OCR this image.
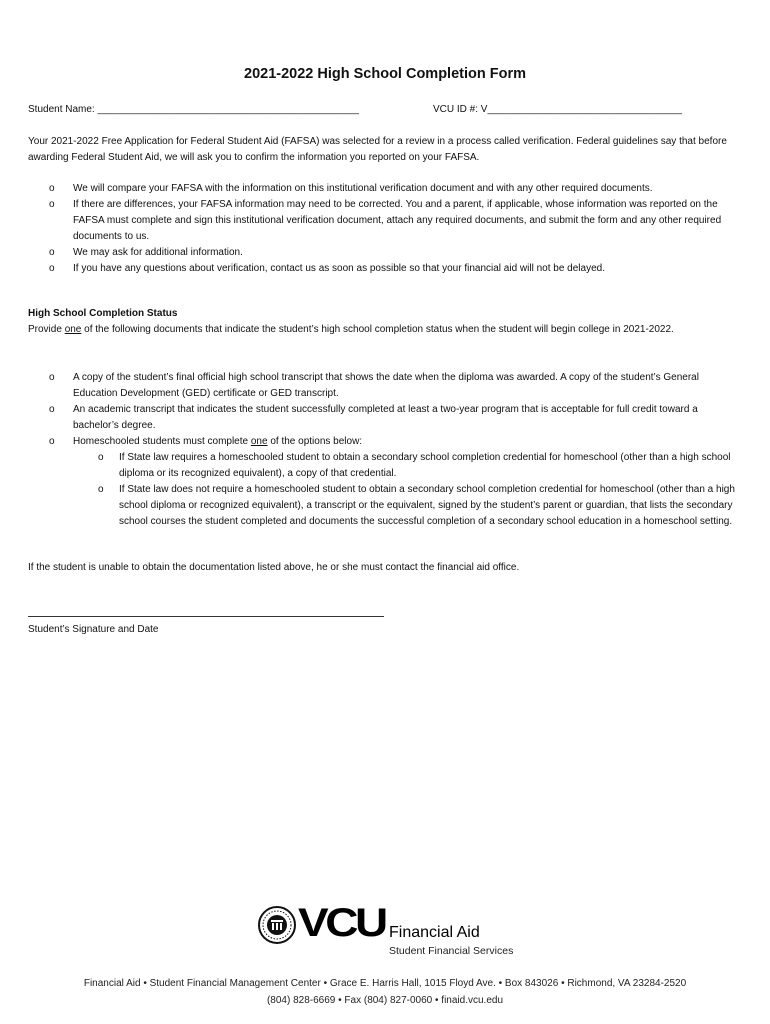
2021-2022 High School Completion Form
Student Name: _______________________________________________	VCU ID #: V___________________________________
Your 2021-2022 Free Application for Federal Student Aid (FAFSA) was selected for a review in a process called verification. Federal guidelines say that before awarding Federal Student Aid, we will ask you to confirm the information you reported on your FAFSA.
o We will compare your FAFSA with the information on this institutional verification document and with any other required documents.
o If there are differences, your FAFSA information may need to be corrected. You and a parent, if applicable, whose information was reported on the FAFSA must complete and sign this institutional verification document, attach any required documents, and submit the form and any other required documents to us.
o We may ask for additional information.
o If you have any questions about verification, contact us as soon as possible so that your financial aid will not be delayed.
High School Completion Status
Provide one of the following documents that indicate the student’s high school completion status when the student will begin college in 2021-2022.
o A copy of the student’s final official high school transcript that shows the date when the diploma was awarded. A copy of the student’s General Education Development (GED) certificate or GED transcript.
o An academic transcript that indicates the student successfully completed at least a two-year program that is acceptable for full credit toward a bachelor’s degree.
o Homeschooled students must complete one of the options below:
o If State law requires a homeschooled student to obtain a secondary school completion credential for homeschool (other than a high school diploma or its recognized equivalent), a copy of that credential.
o If State law does not require a homeschooled student to obtain a secondary school completion credential for homeschool (other than a high school diploma or recognized equivalent), a transcript or the equivalent, signed by the student’s parent or guardian, that lists the secondary school courses the student completed and documents the successful completion of a secondary school education in a homeschool setting.
If the student is unable to obtain the documentation listed above, he or she must contact the financial aid office.
Student’s Signature and Date
VCU Financial Aid
Student Financial Services
Financial Aid • Student Financial Management Center • Grace E. Harris Hall, 1015 Floyd Ave. • Box 843026 • Richmond, VA 23284-2520
(804) 828-6669 • Fax (804) 827-0060 • finaid.vcu.edu
